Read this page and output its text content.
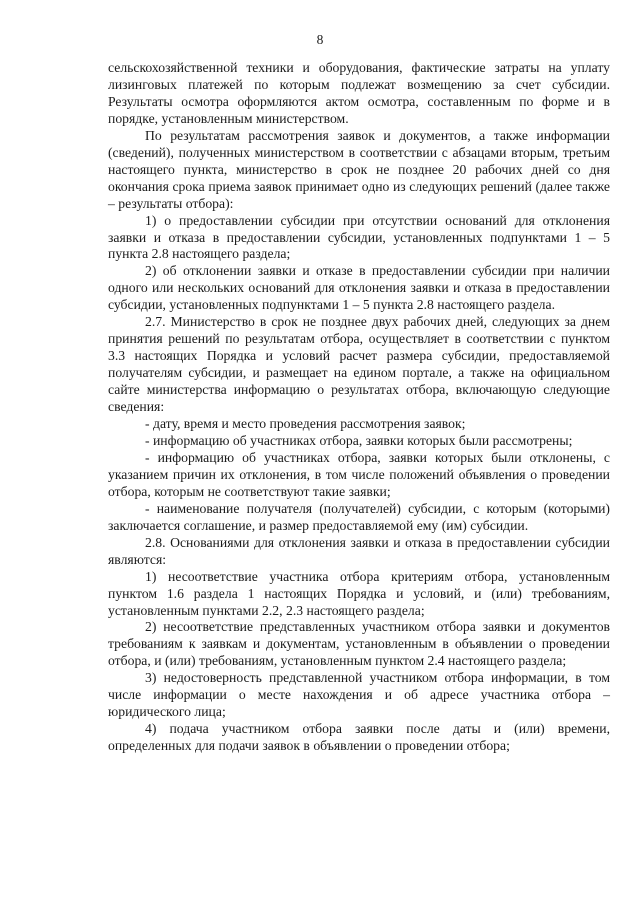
8

сельскохозяйственной техники и оборудования, фактические затраты на уплату лизинговых платежей по которым подлежат возмещению за счет субсидии. Результаты осмотра оформляются актом осмотра, составленным по форме и в порядке, установленным министерством.

По результатам рассмотрения заявок и документов, а также информации (сведений), полученных министерством в соответствии с абзацами вторым, третьим настоящего пункта, министерство в срок не позднее 20 рабочих дней со дня окончания срока приема заявок принимает одно из следующих решений (далее также – результаты отбора):

1) о предоставлении субсидии при отсутствии оснований для отклонения заявки и отказа в предоставлении субсидии, установленных подпунктами 1 – 5 пункта 2.8 настоящего раздела;

2) об отклонении заявки и отказе в предоставлении субсидии при наличии одного или нескольких оснований для отклонения заявки и отказа в предоставлении субсидии, установленных подпунктами 1 – 5 пункта 2.8 настоящего раздела.

2.7. Министерство в срок не позднее двух рабочих дней, следующих за днем принятия решений по результатам отбора, осуществляет в соответствии с пунктом 3.3 настоящих Порядка и условий расчет размера субсидии, предоставляемой получателям субсидии, и размещает на едином портале, а также на официальном сайте министерства информацию о результатах отбора, включающую следующие сведения:

- дату, время и место проведения рассмотрения заявок;

- информацию об участниках отбора, заявки которых были рассмотрены;

- информацию об участниках отбора, заявки которых были отклонены, с указанием причин их отклонения, в том числе положений объявления о проведении отбора, которым не соответствуют такие заявки;

- наименование получателя (получателей) субсидии, с которым (которыми) заключается соглашение, и размер предоставляемой ему (им) субсидии.

2.8. Основаниями для отклонения заявки и отказа в предоставлении субсидии являются:

1) несоответствие участника отбора критериям отбора, установленным пунктом 1.6 раздела 1 настоящих Порядка и условий, и (или) требованиям, установленным пунктами 2.2, 2.3 настоящего раздела;

2) несоответствие представленных участником отбора заявки и документов требованиям к заявкам и документам, установленным в объявлении о проведении отбора, и (или) требованиям, установленным пунктом 2.4 настоящего раздела;

3) недостоверность представленной участником отбора информации, в том числе информации о месте нахождения и об адресе участника отбора – юридического лица;

4) подача участником отбора заявки после даты и (или) времени, определенных для подачи заявок в объявлении о проведении отбора;
